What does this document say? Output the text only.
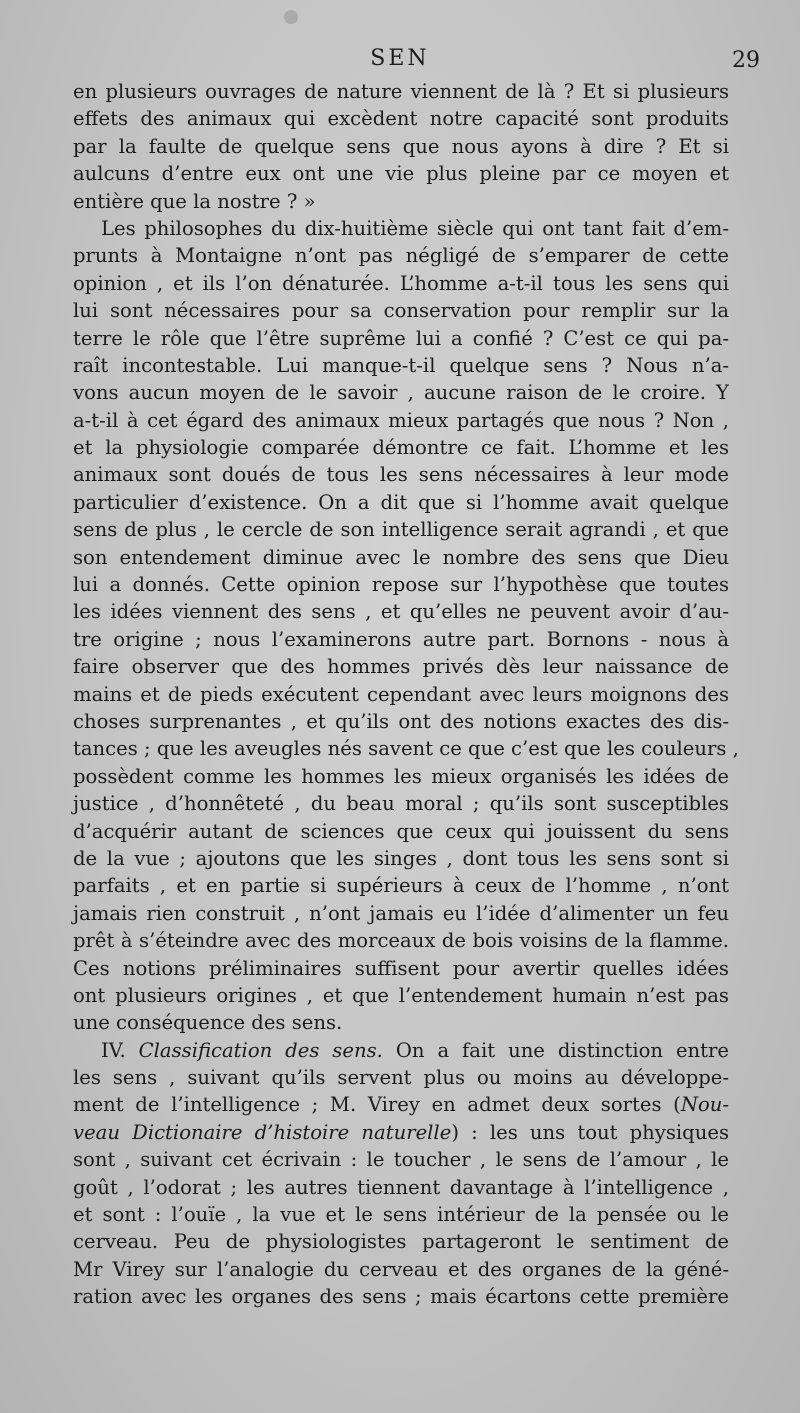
SEN	29
en plusieurs ouvrages de nature viennent de là ? Et si plusieurs
effets des animaux qui excèdent notre capacité sont produits
par la faulte de quelque sens que nous ayons à dire ? Et si
aulcuns d’entre eux ont une vie plus pleine par ce moyen et
entière que la nostre ? »
Les philosophes du dix-huitième siècle qui ont tant fait d’em-
prunts à Montaigne n’ont pas négligé de s’emparer de cette
opinion , et ils l’on dénaturée. L’homme a-t-il tous les sens qui
lui sont nécessaires pour sa conservation pour remplir sur la
terre le rôle que l’être suprême lui a confié ? C’est ce qui pa-
raît incontestable. Lui manque-t-il quelque sens ? Nous n’a-
vons aucun moyen de le savoir , aucune raison de le croire. Y
a-t-il à cet égard des animaux mieux partagés que nous ? Non ,
et la physiologie comparée démontre ce fait. L’homme et les
animaux sont doués de tous les sens nécessaires à leur mode
particulier d’existence. On a dit que si l’homme avait quelque
sens de plus , le cercle de son intelligence serait agrandi , et que
son entendement diminue avec le nombre des sens que Dieu
lui a donnés. Cette opinion repose sur l’hypothèse que toutes
les idées viennent des sens , et qu’elles ne peuvent avoir d’au-
tre origine ; nous l’examinerons autre part. Bornons - nous à
faire observer que des hommes privés dès leur naissance de
mains et de pieds exécutent cependant avec leurs moignons des
choses surprenantes , et qu’ils ont des notions exactes des dis-
tances ; que les aveugles nés savent ce que c’est que les couleurs ,
possèdent comme les hommes les mieux organisés les idées de
justice , d’honnêteté , du beau moral ; qu’ils sont susceptibles
d’acquérir autant de sciences que ceux qui jouissent du sens
de la vue ; ajoutons que les singes , dont tous les sens sont si
parfaits , et en partie si supérieurs à ceux de l’homme , n’ont
jamais rien construit , n’ont jamais eu l’idée d’alimenter un feu
prêt à s’éteindre avec des morceaux de bois voisins de la flamme.
Ces notions préliminaires suffisent pour avertir quelles idées
ont plusieurs origines , et que l’entendement humain n’est pas
une conséquence des sens.
IV. Classification des sens. On a fait une distinction entre
les sens , suivant qu’ils servent plus ou moins au développe-
ment de l’intelligence ; M. Virey en admet deux sortes (Nou-
veau Dictionaire d’histoire naturelle) : les uns tout physiques
sont , suivant cet écrivain : le toucher , le sens de l’amour , le
goût , l’odorat ; les autres tiennent davantage à l’intelligence ,
et sont : l’ouïe , la vue et le sens intérieur de la pensée ou le
cerveau. Peu de physiologistes partageront le sentiment de
Mr Virey sur l’analogie du cerveau et des organes de la géné-
ration avec les organes des sens ; mais écartons cette première
